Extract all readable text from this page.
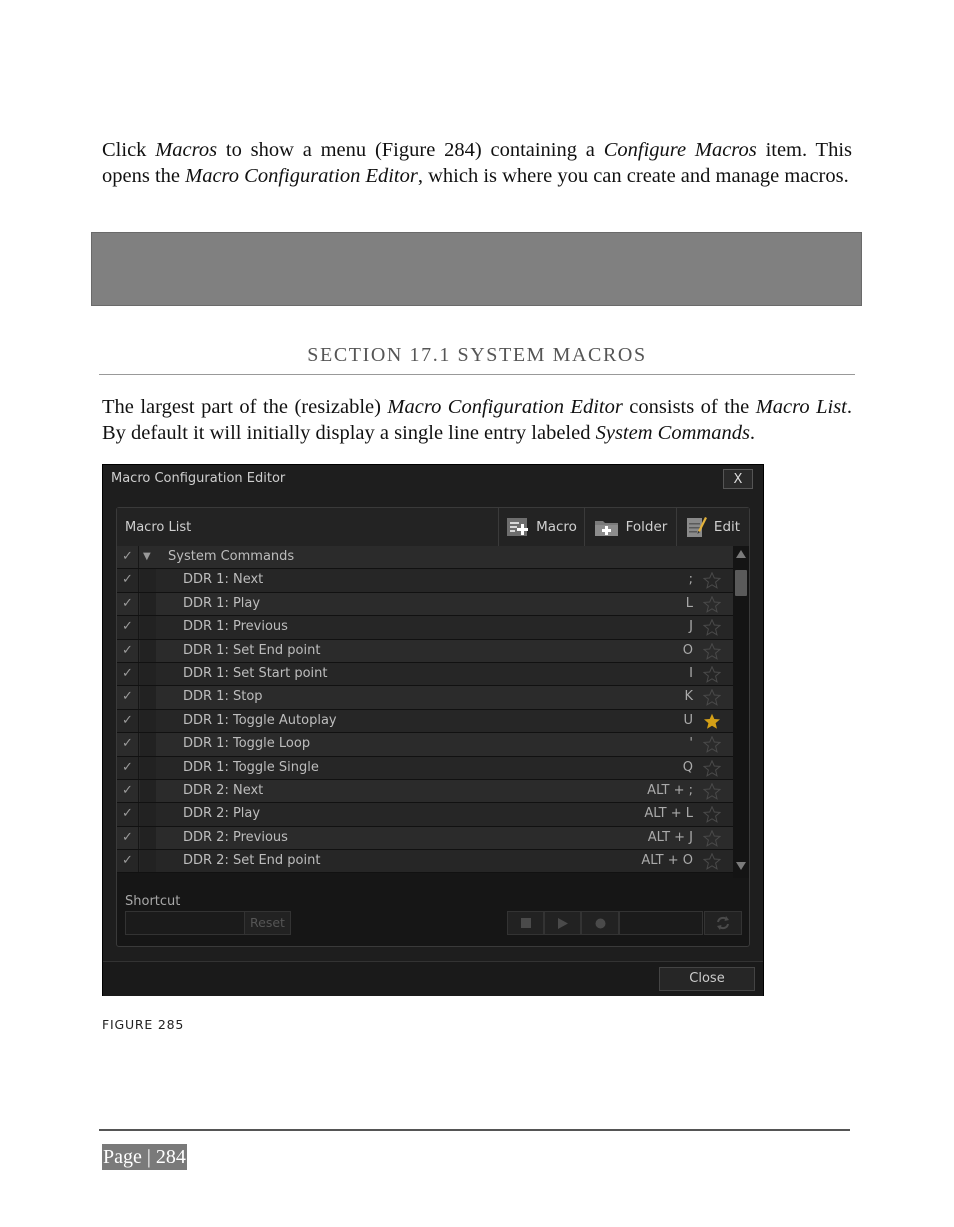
Click Macros to show a menu (Figure 284) containing a Configure Macros item. This opens the Macro Configuration Editor, which is where you can create and manage macros.

SECTION 17.1 SYSTEM MACROS

The largest part of the (resizable) Macro Configuration Editor consists of the Macro List. By default it will initially display a single line entry labeled System Commands.

Macro Configuration Editor	X
Macro List	Macro	Folder	Edit
✓	▼ System Commands
✓	DDR 1: Next	;
✓	DDR 1: Play	L
✓	DDR 1: Previous	J
✓	DDR 1: Set End point	O
✓	DDR 1: Set Start point	I
✓	DDR 1: Stop	K
✓	DDR 1: Toggle Autoplay	U
✓	DDR 1: Toggle Loop	'
✓	DDR 1: Toggle Single	Q
✓	DDR 2: Next	ALT + ;
✓	DDR 2: Play	ALT + L
✓	DDR 2: Previous	ALT + J
✓	DDR 2: Set End point	ALT + O
Shortcut
Reset
Close
FIGURE 285
Page | 284
